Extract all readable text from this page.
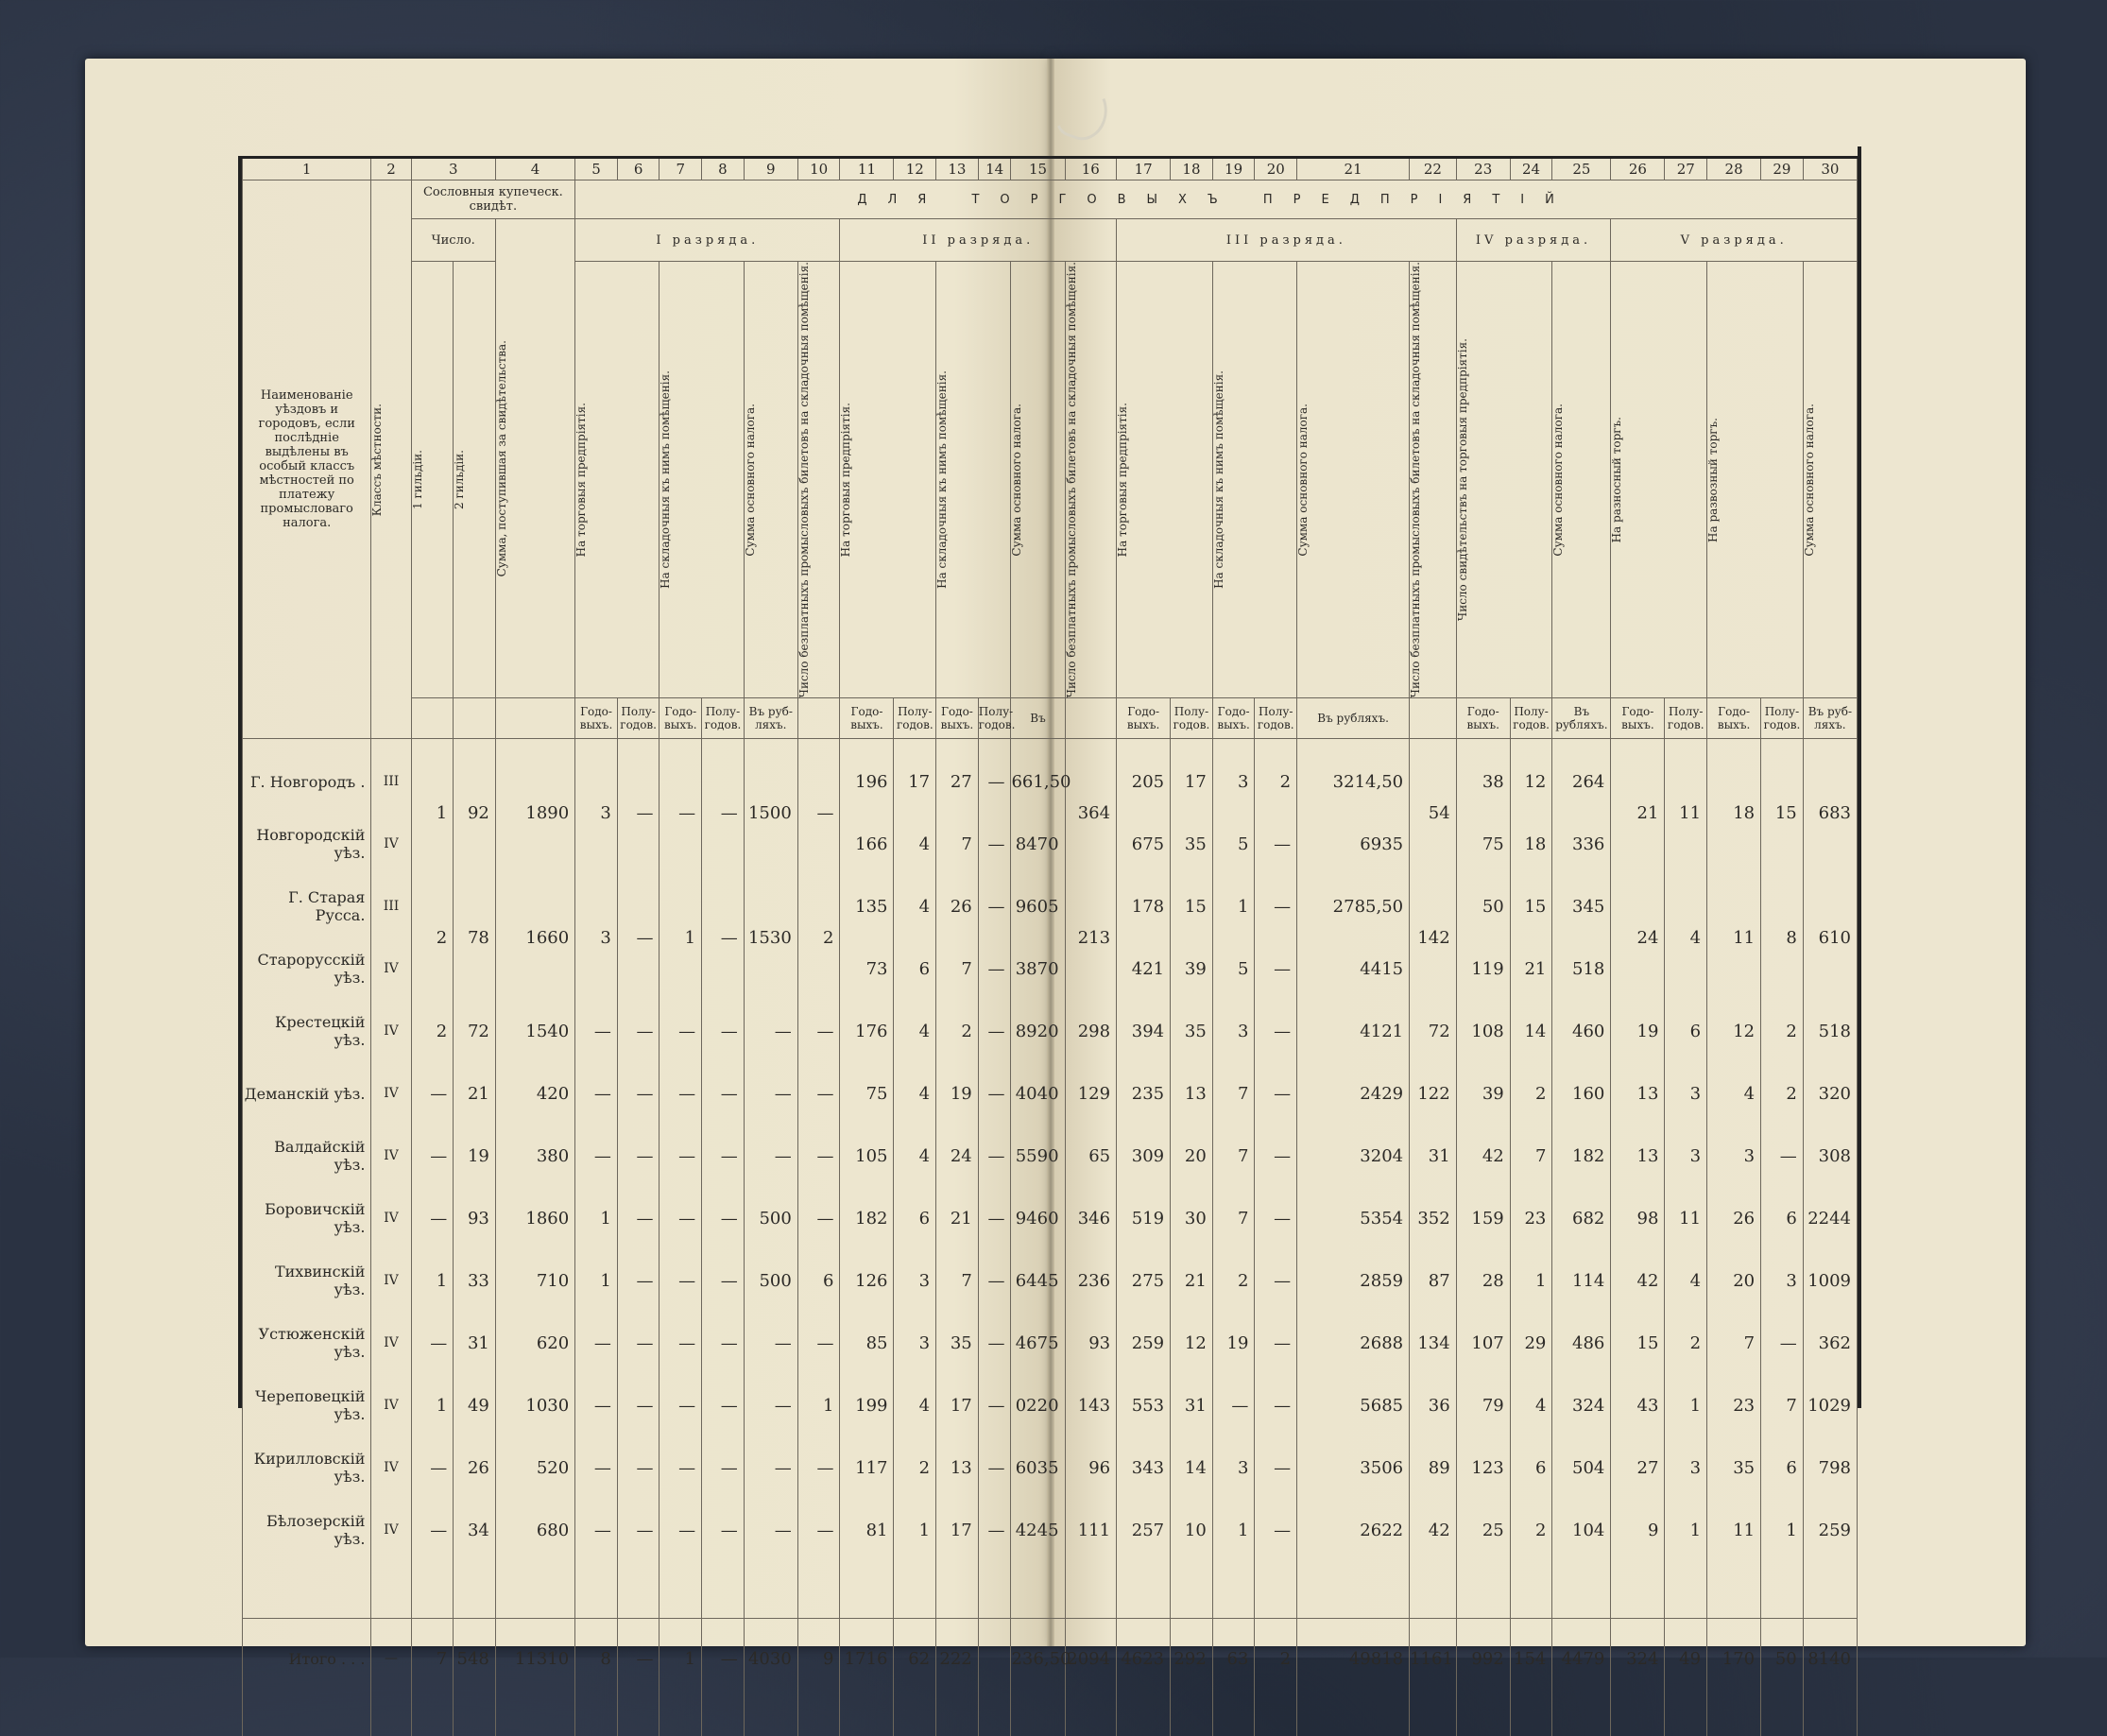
1	2	3		4	5	6	7	8	9	10	11	12	13	14	15	16	17	18	19	20	21	22	23	24	25	26	27	28	29	30
Наименованіе уѣздовъ и городовъ, если послѣдніе выдѣлены въ особый классъ мѣстностей по платежу промысловаго налога.	Классъ мѣстности.	Сословныя купеческ. свидѣт.			ДЛЯ ТОРГОВЫХЪ ПРЕДПРІЯТІЙ																									
		Число.		Сумма, поступившая за свидѣтельства.	I разряда.						II разряда.						III разряда.						IV разряда.			V разряда.				

		1 гильдіи.	2 гильдіи.		На торговыя предпріятія.		На складочныя къ нимъ помѣщенія.		Сумма основного налога.	Число безплатныхъ промысловыхъ билетовъ на складочныя помѣщенія.	На торговыя предпріятія.		На складочныя къ нимъ помѣщенія.		Сумма основного налога.	Число безплатныхъ промысловыхъ билетовъ на складочныя помѣщенія.	На торговыя предпріятія.		На складочныя къ нимъ помѣщенія.		Сумма основного налога.	Число безплатныхъ промысловыхъ билетовъ на складочныя помѣщенія.	Число свидѣтельствъ на торговыя предпріятія.		Сумма основного налога.	На разносный торгъ.		На развозный торгъ.		Сумма основного налога.

					Годо-выхъ.	Полу-годов.	Годо-выхъ.	Полу-годов.	Въ руб-ляхъ.		Годо-выхъ.	Полу-годов.	Годо-выхъ.	Полу-годов.	Въ		Годо-выхъ.	Полу-годов.	Годо-выхъ.	Полу-годов.	Въ рубляхъ.		Годо-выхъ.	Полу-годов.	Въ рубляхъ.	Годо-выхъ.	Полу-годов.	Годо-выхъ.	Полу-годов.	Въ руб-ляхъ.
Г. Новгородъ .	III	1	92	1890	3	—	—	—	1500	—	196	17	27	—	661,50	364	205	17	3	2	3214,50	54	38	12	264	21	11	18	15	683
Новгородскій уѣз.	IV										166	4	7	—	8470		675	35	5	—	6935		75	18	336					
Г. Старая Русса.	III	2	78	1660	3	—	1	—	1530	2	135	4	26	—	9605	213	178	15	1	—	2785,50	142	50	15	345	24	4	11	8	610
Старорусскій уѣз.	IV										73	6	7	—	3870		421	39	5	—	4415		119	21	518					
Крестецкій уѣз.	IV	2	72	1540	—	—	—	—	—	—	176	4	2	—	8920	298	394	35	3	—	4121	72	108	14	460	19	6	12	2	518
Деманскій уѣз.	IV	—	21	420	—	—	—	—	—	—	75	4	19	—	4040	129	235	13	7	—	2429	122	39	2	160	13	3	4	2	320
Валдайскій уѣз.	IV	—	19	380	—	—	—	—	—	—	105	4	24	—	5590	65	309	20	7	—	3204	31	42	7	182	13	3	3	—	308
Боровичскій уѣз.	IV	—	93	1860	1	—	—	—	500	—	182	6	21	—	9460	346	519	30	7	—	5354	352	159	23	682	98	11	26	6	2244
Тихвинскій уѣз.	IV	1	33	710	1	—	—	—	500	6	126	3	7	—	6445	236	275	21	2	—	2859	87	28	1	114	42	4	20	3	1009
Устюженскій уѣз.	IV	—	31	620	—	—	—	—	—	—	85	3	35	—	4675	93	259	12	19	—	2688	134	107	29	486	15	2	7	—	362
Череповецкій уѣз.	IV	1	49	1030	—	—	—	—	—	1	199	4	17	—	0220	143	553	31	—	—	5685	36	79	4	324	43	1	23	7	1029
Кирилловскій уѣз.	IV	—	26	520	—	—	—	—	—	—	117	2	13	—	6035	96	343	14	3	—	3506	89	123	6	504	27	3	35	6	798
Бѣлозерскій уѣз.	IV	—	34	680	—	—	—	—	—	—	81	1	17	—	4245	111	257	10	1	—	2622	42	25	2	104	9	1	11	1	259

Итого . . .	—	7	548	11310	8	—	1	—	4030	9	1716	62	222		236,50	2094	4623	292	63	2	49818	1161	992	154	4479	324	49	170	50	8140
